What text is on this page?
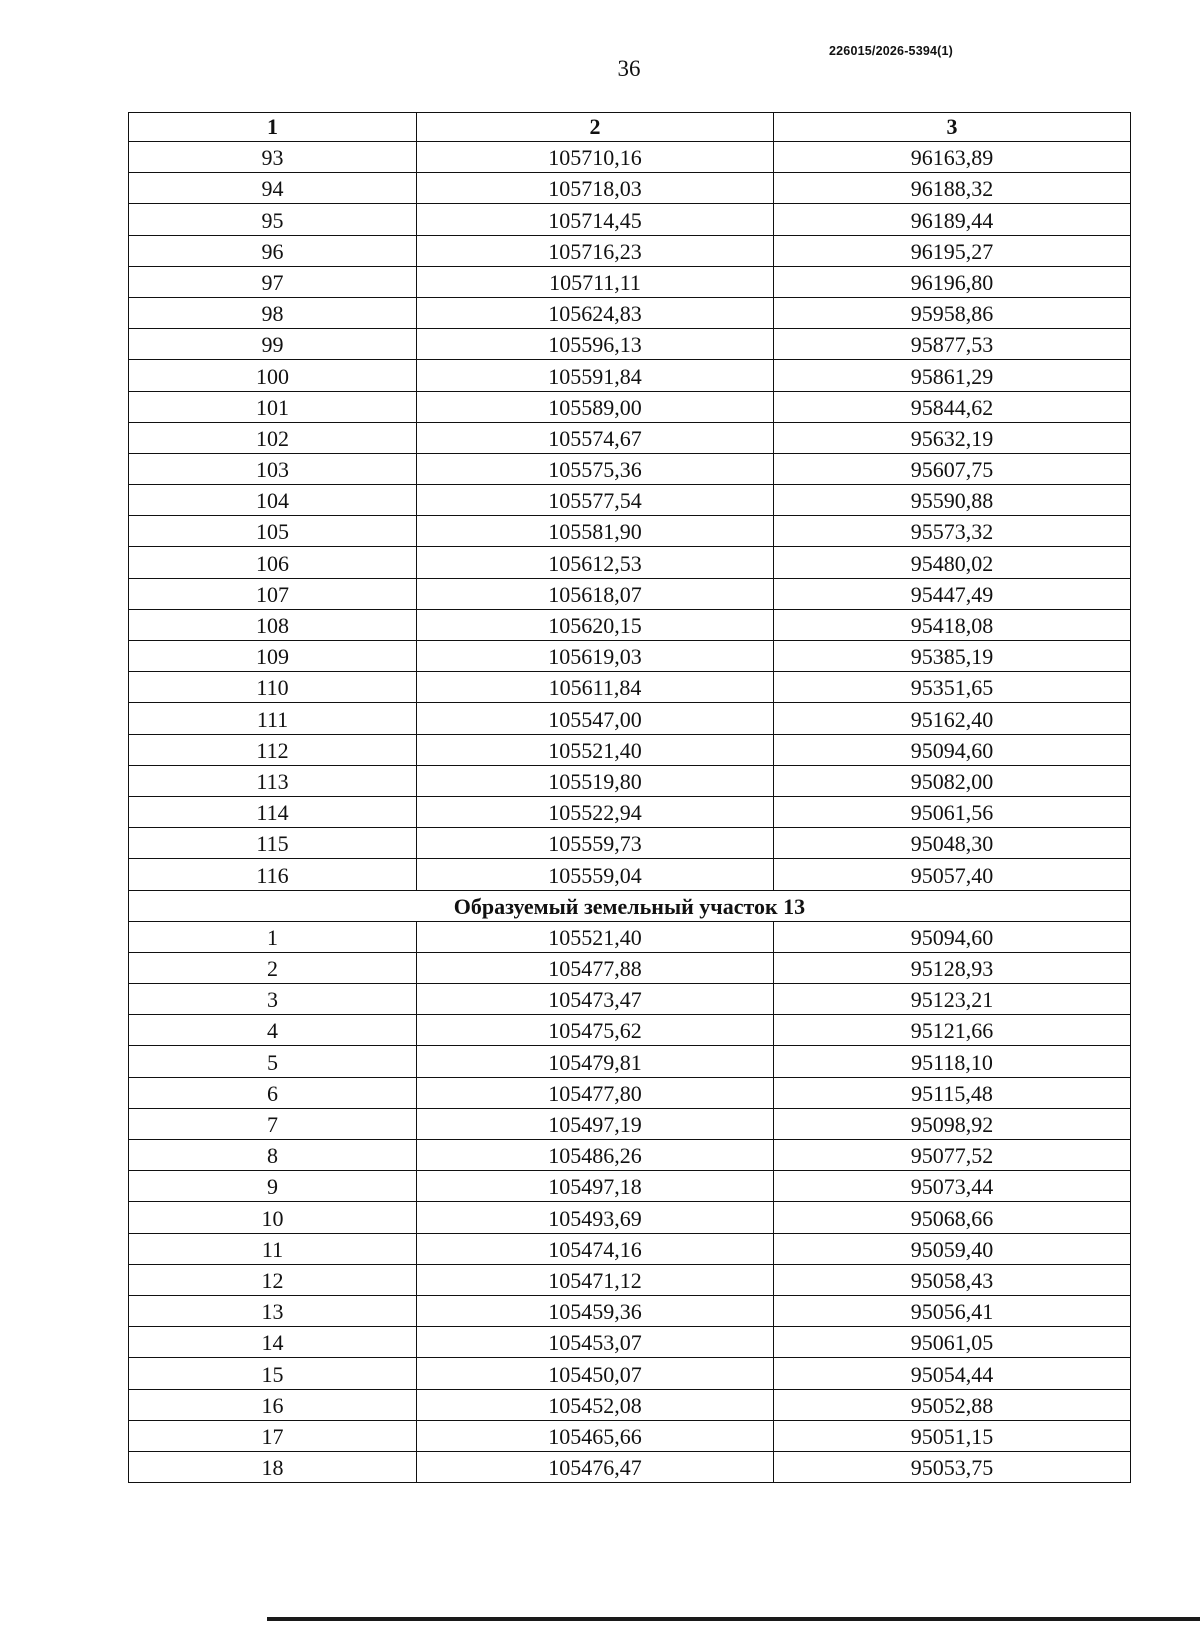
226015/2026-5394(1)
36
1	2	3
93	105710,16	96163,89
94	105718,03	96188,32
95	105714,45	96189,44
96	105716,23	96195,27
97	105711,11	96196,80
98	105624,83	95958,86
99	105596,13	95877,53
100	105591,84	95861,29
101	105589,00	95844,62
102	105574,67	95632,19
103	105575,36	95607,75
104	105577,54	95590,88
105	105581,90	95573,32
106	105612,53	95480,02
107	105618,07	95447,49
108	105620,15	95418,08
109	105619,03	95385,19
110	105611,84	95351,65
111	105547,00	95162,40
112	105521,40	95094,60
113	105519,80	95082,00
114	105522,94	95061,56
115	105559,73	95048,30
116	105559,04	95057,40
Образуемый земельный участок 13		
1	105521,40	95094,60
2	105477,88	95128,93
3	105473,47	95123,21
4	105475,62	95121,66
5	105479,81	95118,10
6	105477,80	95115,48
7	105497,19	95098,92
8	105486,26	95077,52
9	105497,18	95073,44
10	105493,69	95068,66
11	105474,16	95059,40
12	105471,12	95058,43
13	105459,36	95056,41
14	105453,07	95061,05
15	105450,07	95054,44
16	105452,08	95052,88
17	105465,66	95051,15
18	105476,47	95053,75
